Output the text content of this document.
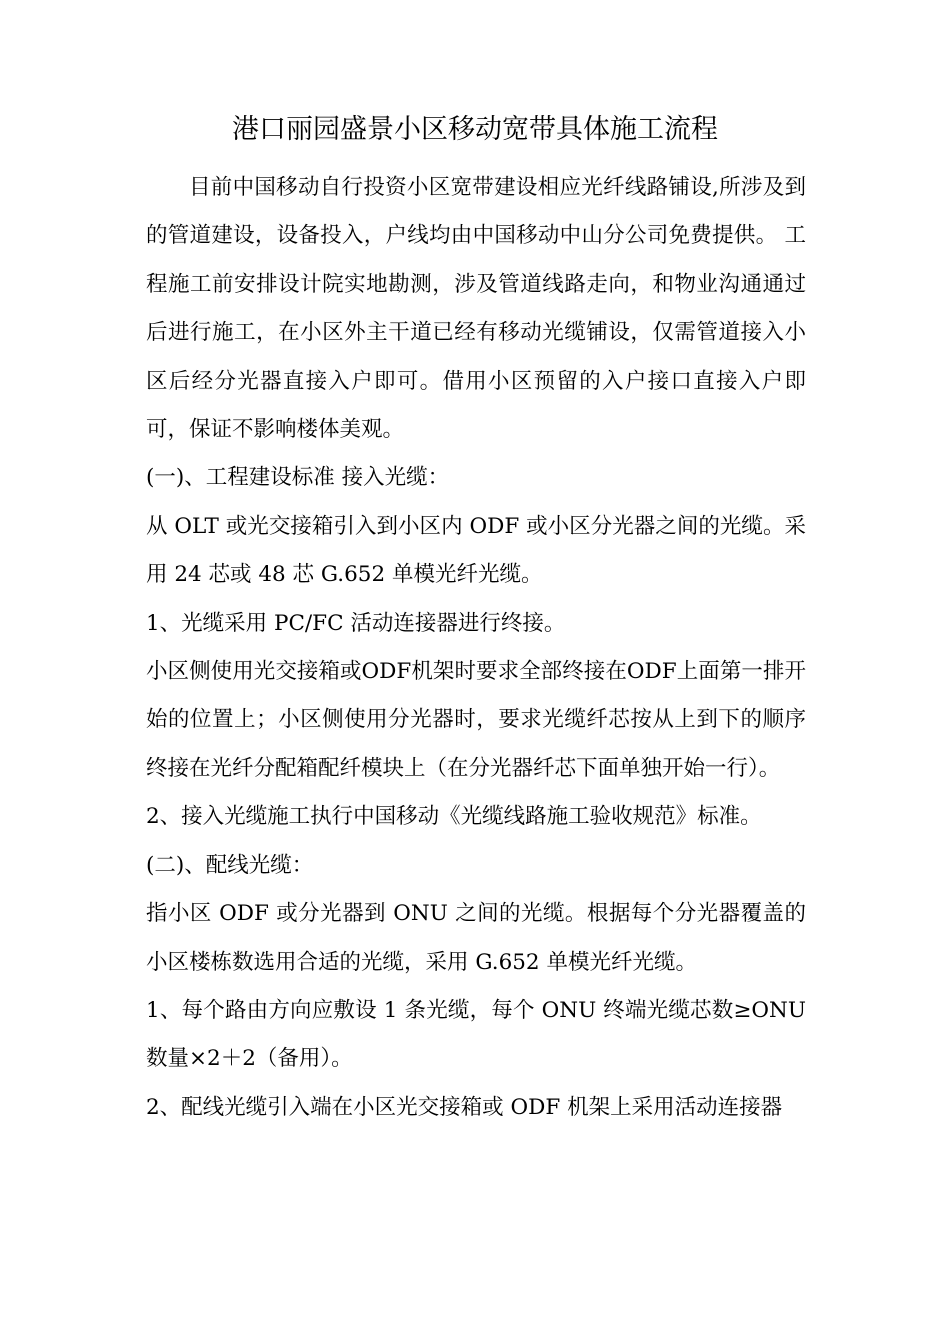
港口丽园盛景小区移动宽带具体施工流程

目前中国移动自行投资小区宽带建设相应光纤线路铺设,所涉及到的管道建设，设备投入，户线均由中国移动中山分公司免费提供。 工程施工前安排设计院实地勘测，涉及管道线路走向，和物业沟通通过后进行施工，在小区外主干道已经有移动光缆铺设，仅需管道接入小区后经分光器直接入户即可。借用小区预留的入户接口直接入户即可，保证不影响楼体美观。

(一)、工程建设标准 接入光缆：

从 OLT 或光交接箱引入到小区内 ODF 或小区分光器之间的光缆。采用 24 芯或 48 芯 G.652 单模光纤光缆。

1、光缆采用 PC/FC 活动连接器进行终接。

小区侧使用光交接箱或ODF机架时要求全部终接在ODF上面第一排开始的位置上；小区侧使用分光器时，要求光缆纤芯按从上到下的顺序终接在光纤分配箱配纤模块上（在分光器纤芯下面单独开始一行）。

2、接入光缆施工执行中国移动《光缆线路施工验收规范》标准。

(二)、配线光缆：

指小区 ODF 或分光器到 ONU 之间的光缆。根据每个分光器覆盖的小区楼栋数选用合适的光缆，采用 G.652 单模光纤光缆。

1、每个路由方向应敷设 1 条光缆，每个 ONU 终端光缆芯数≥ONU数量×2＋2（备用）。

2、配线光缆引入端在小区光交接箱或 ODF 机架上采用活动连接器
